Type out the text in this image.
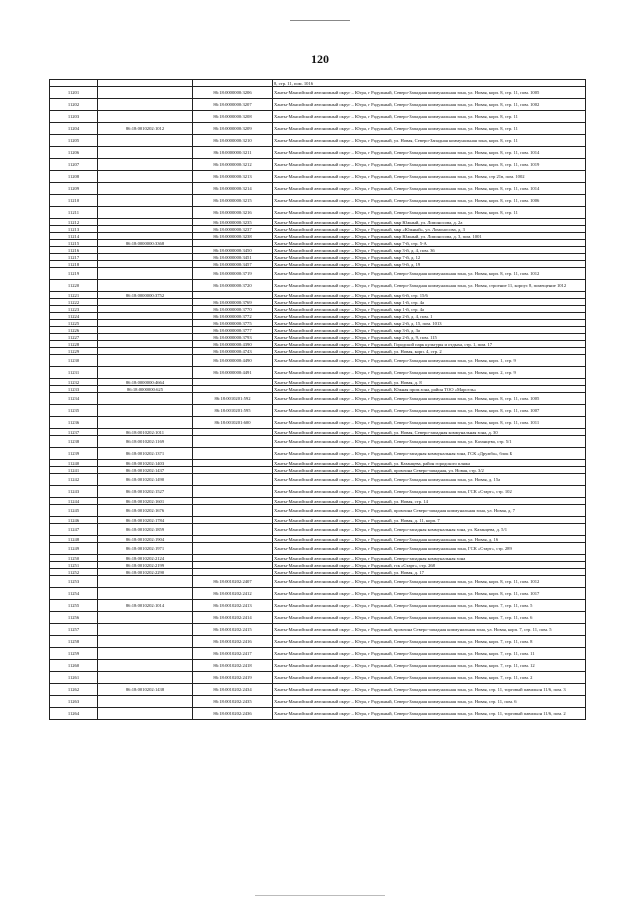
120
			8, стр. 11, пом. 1016
11201		86:18:0000000:3206	Ханты-Мансийский автономный округ – Югра, г Радужный, Северо-Западная коммунальная зона, ул. Новая, корп. 8, стр. 11, пом. 1005
11202		86:18:0000000:3207	Ханты-Мансийский автономный округ – Югра, г Радужный, Северо-Западная коммунальная зона, ул. Новая, корп. 8, стр. 11, пом. 1002
11203		86:18:0000000:3208	Ханты-Мансийский автономный округ – Югра, г Радужный, Северо-Западная коммунальная зона, ул. Новая, корп. 8, стр. 11
11204	86:18:0010202:1012	86:18:0000000:3209	Ханты-Мансийский автономный округ – Югра, г Радужный, Северо-Западная коммунальная зона, ул. Новая, корп. 8, стр. 11
11205		86:18:0000000:3210	Ханты-Мансийский автономный округ – Югра, г Радужный, ул. Новая, Северо-Западная коммунальная зона, корп. 8, стр. 11
11206		86:18:0000000:3211	Ханты-Мансийский автономный округ – Югра, г Радужный, Северо-Западная коммунальная зона, ул. Новая, корп. 8, стр. 11, пом. 1014
11207		86:18:0000000:3212	Ханты-Мансийский автономный округ – Югра, г Радужный, Северо-Западная коммунальная зона, ул. Новая, корп. 8, стр. 11, пом. 1019
11208		86:18:0000000:3213	Ханты-Мансийский автономный округ – Югра, г Радужный, Северо-Западная коммунальная зона, ул. Новая, стр 21в, пом. 1002
11209		86:18:0000000:3214	Ханты-Мансийский автономный округ – Югра, г Радужный, Северо-Западная коммунальная зона, ул. Новая, корп. 8, стр. 11, пом. 1014
11210		86:18:0000000:3215	Ханты-Мансийский автономный округ – Югра, г Радужный, Северо-Западная коммунальная зона, ул. Новая, корп. 8, стр. 11, пом. 1006
11211		86:18:0000000:3216	Ханты-Мансийский автономный округ – Югра, г Радужный, Северо-Западная коммунальная зона, ул. Новая, корп. 8, стр. 11
11212		86:18:0000000:3235	Ханты-Мансийский автономный округ – Югра, г Радужный, мкр Южный, ул. Ломоносова, д. 2а
11213		86:18:0000000:3237	Ханты-Мансийский автономный округ – Югра, г Радужный, мкр «Южный», ул. Ломоносова, д. 3
11214		86:18:0000000:3238	Ханты-Мансийский автономный округ – Югра, г Радужный, мкр Южный, ул. Ломоносова, д. 3, пом. 1001
11215	86:18:0000000:3368		Ханты-Мансийский автономный округ – Югра, г Радужный, мкр 7-й, стр. 5-А
11216		86:18:0000000:3450	Ханты-Мансийский автономный округ – Югра, г Радужный, мкр 3-й, д. 4, пом. 36
11217		86:18:0000000:3451	Ханты-Мансийский автономный округ – Югра, г Радужный, мкр 7-й, д. 12
11218		86:18:0000000:3457	Ханты-Мансийский автономный округ – Югра, г Радужный, мкр 9-й, д. 19
11219		86:18:0000000:3719	Ханты-Мансийский автономный округ – Югра, г Радужный, Северо-Западная коммунальная зона, ул. Новая, корп. 8, стр. 11, пом. 1012
11220		86:18:0000000:3720	Ханты-Мансийский автономный округ – Югра, г Радужный, Северо-Западная коммунальная зона, ул. Новая, строение 11, корпус 8, помещение 1012
11221	86:18:0000000:3752		Ханты-Мансийский автономный округ – Югра, г Радужный, мкр 6-й, стр. 15/6
11222		86:18:0000000:3769	Ханты-Мансийский автономный округ – Югра, г Радужный, мкр 1-й, стр. 4а
11223		86:18:0000000:3770	Ханты-Мансийский автономный округ – Югра, г Радужный, мкр 1-й, стр. 4а
11224		86:18:0000000:3772	Ханты-Мансийский автономный округ – Югра, г Радужный, мкр 2-й, д. 4, пом. 1
11225		86:18:0000000:3775	Ханты-Мансийский автономный округ – Югра, г Радужный, мкр 2-й, д. 15, пом. 1013
11226		86:18:0000000:3777	Ханты-Мансийский автономный округ – Югра, г Радужный, мкр 3-й, д. 3а
11227		86:18:0000000:3793	Ханты-Мансийский автономный округ – Югра, г Радужный, мкр 2-й, д. 9, пом. 115
11228		86:18:0000000:4390	Ханты-Мансийский автономный округ – Югра, г Радужный, Городской парк культуры и отдыха, стр. 1, пом. 17
11229		86:18:0000000:4743	Ханты-Мансийский автономный округ – Югра, г Радужный, ул. Новая, корп. 4, стр. 2
11230		86:18:0000000:4490	Ханты-Мансийский автономный округ – Югра, г Радужный, Северо-Западная коммунальная зона, ул. Новая, корп. 1, стр. 9
11231		86:18:0000000:4491	Ханты-Мансийский автономный округ – Югра, г Радужный, Северо-Западная коммунальная зона, ул. Новая, корп. 2, стр. 9
11232	86:18:0000000:4664		Ханты-Мансийский автономный округ – Югра, г Радужный, ул. Новая, д. 8
11233	86:18:0000000:625		Ханты-Мансийский автономный округ – Югра, г Радужный, Южная пром.зона, район ТОО «Марсель»
11234		86:18:0010201:592	Ханты-Мансийский автономный округ – Югра, г Радужный, Северо-Западная коммунальная зона, ул. Новая, корп. 8, стр. 11, пом. 1005
11235		86:18:0010201:595	Ханты-Мансийский автономный округ – Югра, г Радужный, Северо-Западная коммунальная зона, ул. Новая, корп. 8, стр. 11, пом. 1007
11236		86:18:0010201:600	Ханты-Мансийский автономный округ – Югра, г Радужный, Северо-Западная коммунальная зона, ул. Новая, корп. 8, стр. 11, пом. 1011
11237	86:18:0010202:1011		Ханты-Мансийский автономный округ – Югра, г Радужный, ул. Новая, Северо-западная коммунальная зона, д. 30
11238	86:18:0010202:1169		Ханты-Мансийский автономный округ – Югра, г Радужный, Северо-Западная коммунальная зона, ул. Казанцева, стр. 5/1
11239	86:18:0010202:1371		Ханты-Мансийский автономный округ – Югра, г Радужный, Северо-западная коммунальная зона, ГСК «Дружба», блок Б
11240	86:18:0010202:1403		Ханты-Мансийский автономный округ – Югра, г Радужный, ул. Казанцева, район городского пляжа
11241	86:18:0010202:1437		Ханты-Мансийский автономный округ – Югра, г Радужный, промзона Северо-западная, ул. Новая, стр. 3/2
11242	86:18:0010202:1490		Ханты-Мансийский автономный округ – Югра, г Радужный, Северо-Западная коммунальная зона, ул. Новая, д. 15а
11243	86:18:0010202:1527		Ханты-Мансийский автономный округ – Югра, г Радужный, Северо-Западная коммунальная зона, ГСК «Старт», стр. 102
11244	86:18:0010202:1601		Ханты-Мансийский автономный округ – Югра, г Радужный, ул. Новая, стр. 14
11245	86:18:0010202:1676		Ханты-Мансийский автономный округ – Югра, г Радужный, промзона Северо-западная коммунальная зона, ул. Новая, д. 7
11246	86:18:0010202:1784		Ханты-Мансийский автономный округ – Югра, г Радужный, ул. Новая, д. 11, корп. 7
11247	86:18:0010202:1859		Ханты-Мансийский автономный округ – Югра, г Радужный, Северо-западная коммунальная зона, ул. Казанцева, д. 5/1
11248	86:18:0010202:1904		Ханты-Мансийский автономный округ – Югра, г Радужный, Северо-Западная коммунальная зона, ул. Новая, д. 16
11249	86:18:0010202:1971		Ханты-Мансийский автономный округ – Югра, г Радужный, Северо-Западная коммунальная зона, ГСК «Старт», стр. 289
11250	86:18:0010202:2124		Ханты-Мансийский автономный округ – Югра, г Радужный, Северо-западная коммунальная зона
11251	86:18:0010202:2199		Ханты-Мансийский автономный округ – Югра, г Радужный, гск «Старт», стр. 268
11252	86:18:0010202:2290		Ханты-Мансийский автономный округ – Югра, г Радужный, ул. Новая, д. 17
11253		86:18:0010202:2407	Ханты-Мансийский автономный округ – Югра, г Радужный, Северо-Западная коммунальная зона, ул. Новая, корп. 8, стр. 11, пом. 1012
11254		86:18:0010202:2412	Ханты-Мансийский автономный округ – Югра, г Радужный, Северо-Западная коммунальная зона, ул. Новая, корп. 8, стр. 11, пом. 1017
11255	86:18:0010202:1014	86:18:0010202:2413	Ханты-Мансийский автономный округ – Югра, г Радужный, Северо-Западная коммунальная зона, ул. Новая, корп. 7, стр. 11, пом. 5
11256		86:18:0010202:2414	Ханты-Мансийский автономный округ – Югра, г Радужный, Северо-Западная коммунальная зона, ул. Новая, корп. 7, стр. 11, пом. 6
11257		86:18:0010202:2415	Ханты-Мансийский автономный округ – Югра, г Радужный, промзона Северо-западная коммунальная зона, ул. Новая, корп. 7, стр. 11, пом. 5
11258		86:18:0010202:2416	Ханты-Мансийский автономный округ – Югра, г Радужный, Северо-Западная коммунальная зона, ул. Новая, корп. 7, стр. 11, пом. 8
11259		86:18:0010202:2417	Ханты-Мансийский автономный округ – Югра, г Радужный, Северо-Западная коммунальная зона, ул. Новая, корп. 7, стр. 11, пом. 11
11260		86:18:0010202:2418	Ханты-Мансийский автономный округ – Югра, г Радужный, Северо-Западная коммунальная зона, ул. Новая, корп. 7, стр. 11, пом. 12
11261		86:18:0010202:2419	Ханты-Мансийский автономный округ – Югра, г Радужный, Северо-Западная коммунальная зона, ул. Новая, корп. 7, стр. 11, пом. 2
11262	86:18:0010202:1438	86:18:0010202:2434	Ханты-Мансийский автономный округ – Югра, г Радужный, Северо-Западная коммунальная зона, ул. Новая, стр. 11, торговый павильон 11/6, пом. 3
11263		86:18:0010202:2435	Ханты-Мансийский автономный округ – Югра, г Радужный, Северо-Западная коммунальная зона, ул. Новая, стр. 11, пом. 6
11264		86:18:0010202:2436	Ханты-Мансийский автономный округ – Югра, г Радужный, Северо-Западная коммунальная зона, ул. Новая, стр. 11, торговый павильон 11/6, пом. 2
